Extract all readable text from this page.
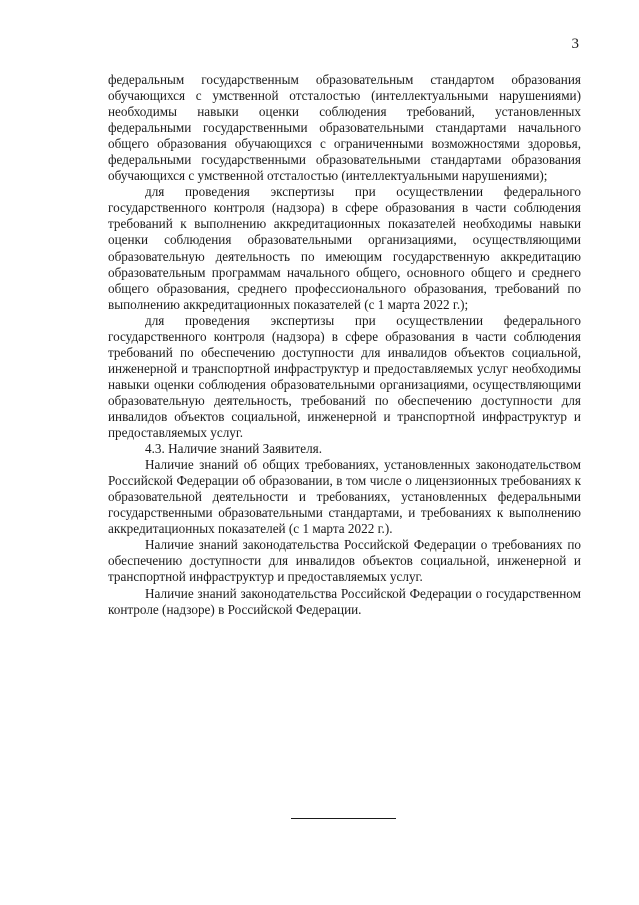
3

федеральным государственным образовательным стандартом образования обучающихся с умственной отсталостью (интеллектуальными нарушениями) необходимы навыки оценки соблюдения требований, установленных федеральными государственными образовательными стандартами начального общего образования обучающихся с ограниченными возможностями здоровья, федеральными государственными образовательными стандартами образования обучающихся с умственной отсталостью (интеллектуальными нарушениями);

для проведения экспертизы при осуществлении федерального государственного контроля (надзора) в сфере образования в части соблюдения требований к выполнению аккредитационных показателей необходимы навыки оценки соблюдения образовательными организациями, осуществляющими образовательную деятельность по имеющим государственную аккредитацию образовательным программам начального общего, основного общего и среднего общего образования, среднего профессионального образования, требований по выполнению аккредитационных показателей (с 1 марта 2022 г.);

для проведения экспертизы при осуществлении федерального государственного контроля (надзора) в сфере образования в части соблюдения требований по обеспечению доступности для инвалидов объектов социальной, инженерной и транспортной инфраструктур и предоставляемых услуг необходимы навыки оценки соблюдения образовательными организациями, осуществляющими образовательную деятельность, требований по обеспечению доступности для инвалидов объектов социальной, инженерной и транспортной инфраструктур и предоставляемых услуг.

4.3. Наличие знаний Заявителя.

Наличие знаний об общих требованиях, установленных законодательством Российской Федерации об образовании, в том числе о лицензионных требованиях к образовательной деятельности и требованиях, установленных федеральными государственными образовательными стандартами, и требованиях к выполнению аккредитационных показателей (с 1 марта 2022 г.).

Наличие знаний законодательства Российской Федерации о требованиях по обеспечению доступности для инвалидов объектов социальной, инженерной и транспортной инфраструктур и предоставляемых услуг.

Наличие знаний законодательства Российской Федерации о государственном контроле (надзоре) в Российской Федерации.
